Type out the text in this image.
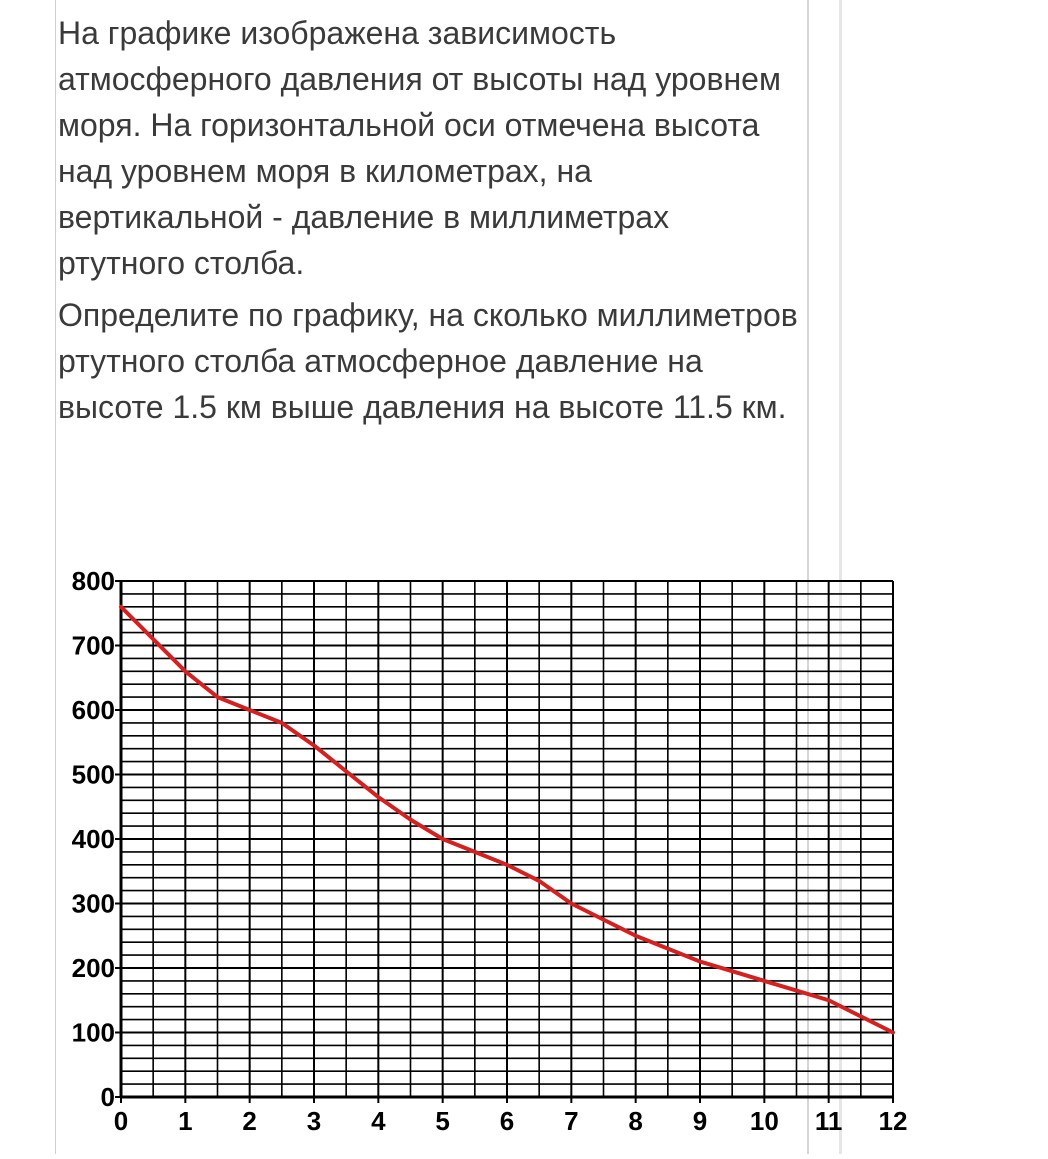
На графике изображена зависимость атмосферного давления от высоты над уровнем моря. На горизонтальной оси отмечена высота над уровнем моря в километрах, на вертикальной - давление в миллиметрах ртутного столба.

Определите по графику, на сколько миллиметров ртутного столба атмосферное давление на высоте 1.5 км выше давления на высоте 11.5 км.

0
100
200
300
400
500
600
700
800
0 1 2 3 4 5 6 7 8 9 10 11 12
